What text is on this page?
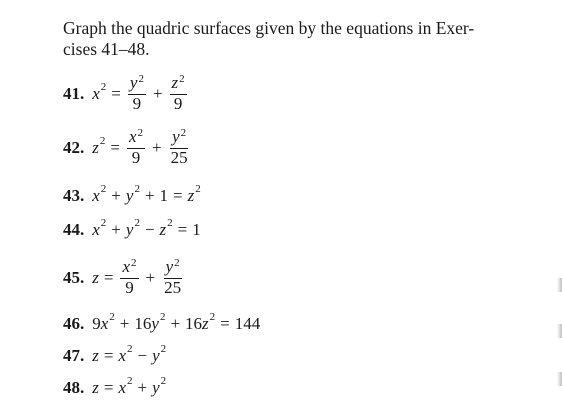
Graph the quadric surfaces given by the equations in Exer-
cises 41–48.
41. x $2 = \frac{y^2}{9} + \frac{z^2}{9}$
42. z $2 = \frac{x^2}{9} + \frac{y^2}{25}$
43. x 2 + y 2 + 1 = z 2
44. x 2 + y 2 − z 2 = 1
45. $z = \frac{x^2}{9} + \frac{y^2}{25}$
46. 9 x 2 + 16 y 2 + 16 z 2 = 144
47. z = x 2 − y 2
48. z = x 2 + y 2
